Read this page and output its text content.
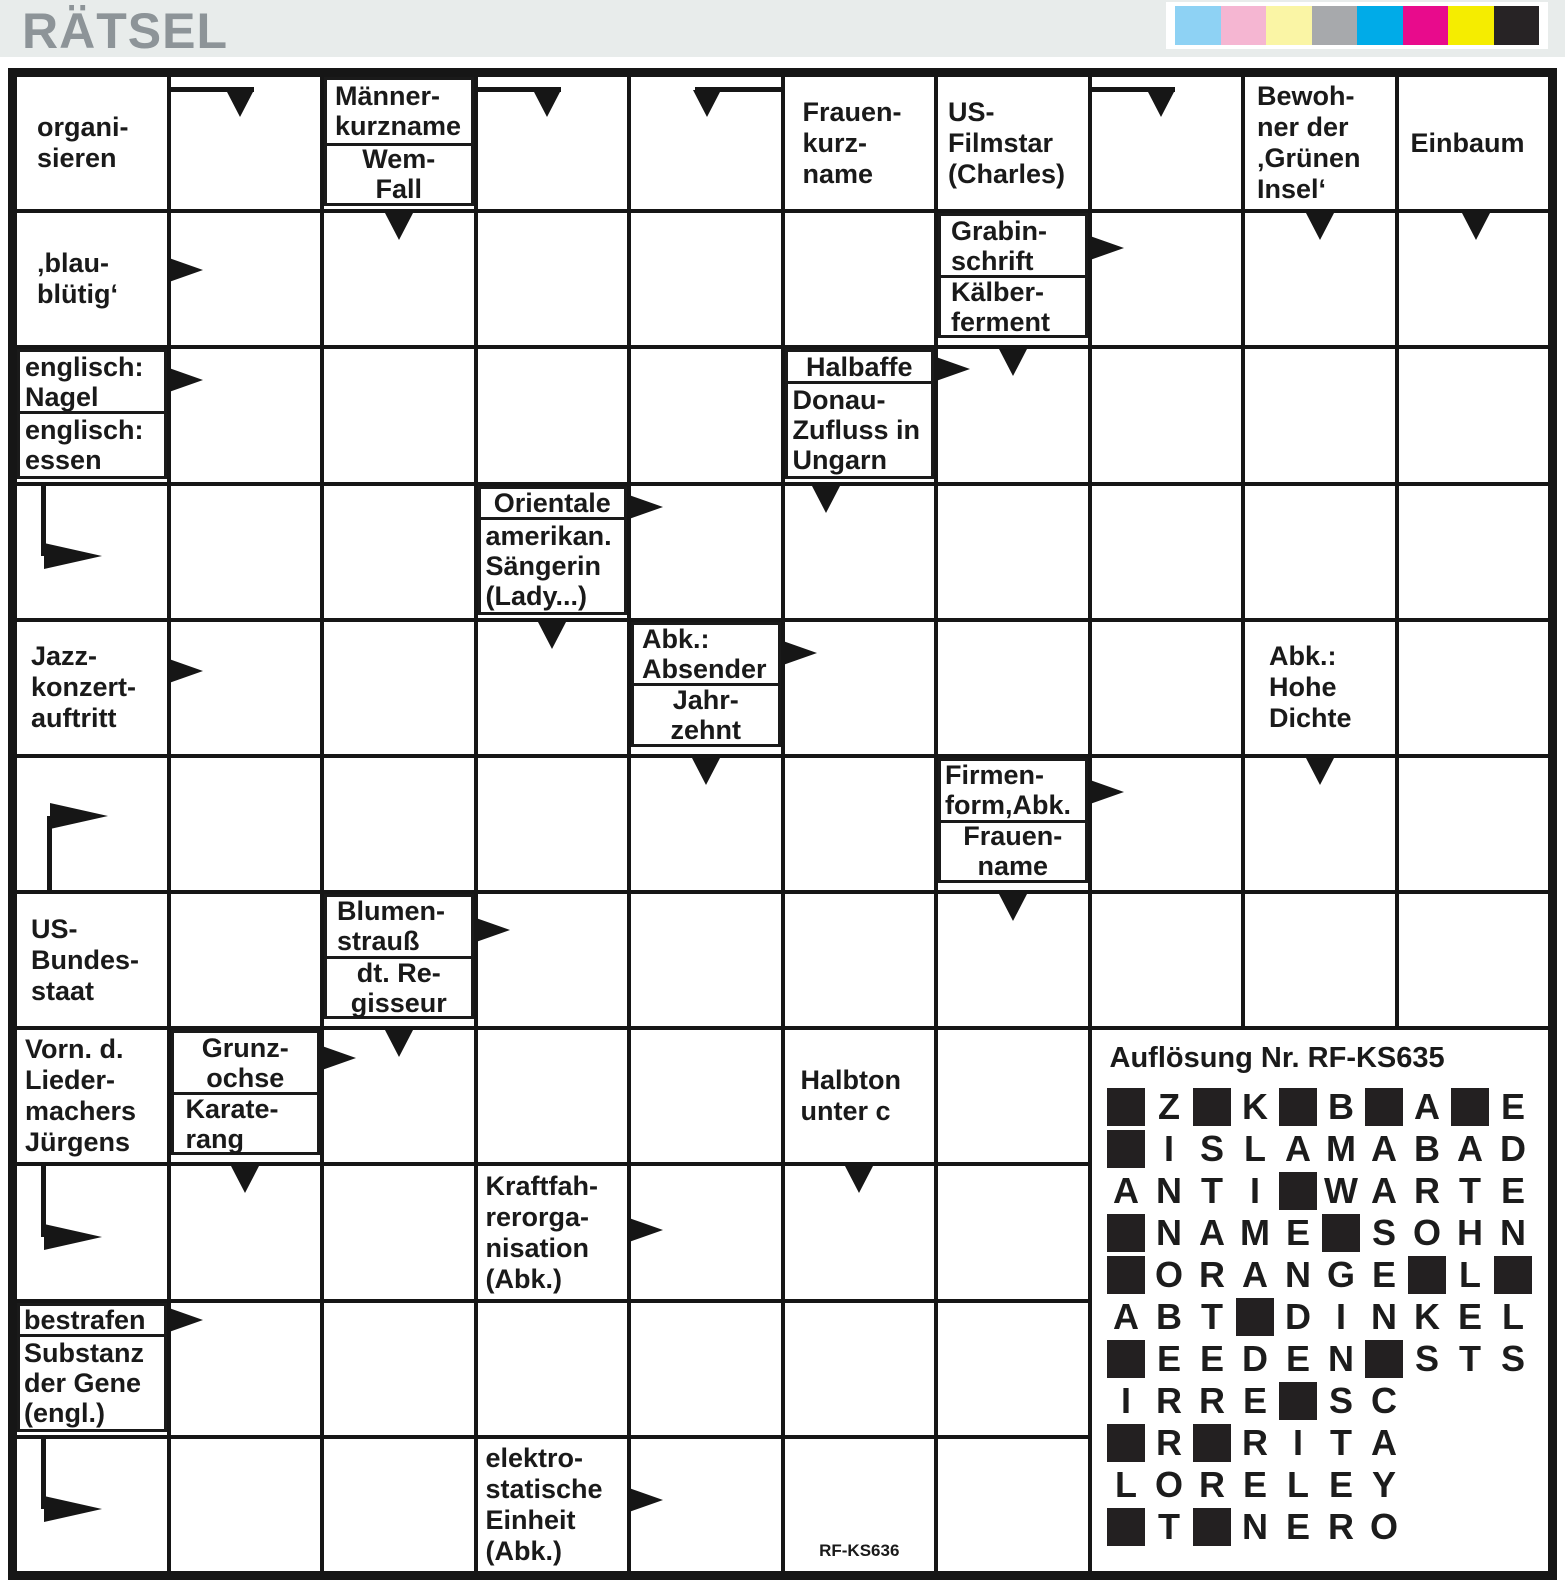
RÄTSEL
organi-
sieren
Männer-
kurzname
Wem-
Fall
Frauen-
kurz-
name
US-
Filmstar
(Charles)
Bewoh-
ner der
‚Grünen
Insel‘
Einbaum
‚blau-
blütig‘
Grabin-
schrift
Kälber-
ferment
englisch:
Nagel
englisch:
essen
Halbaffe
Donau-
Zufluss in
Ungarn
Orientale
amerikan.
Sängerin
(Lady...)
Jazz-
konzert-
auftritt
Abk.:
Absender
Jahr-
zehnt
Abk.:
Hohe
Dichte
Firmen-
form,Abk.
Frauen-
name
US-
Bundes-
staat
Blumen-
strauß
dt. Re-
gisseur
Vorn. d.
Lieder-
machers
Jürgens
Grunz-
ochse
Karate-
rang
Halbton
unter c
Kraftfah-
rerorga-
nisation
(Abk.)
bestrafen
Substanz
der Gene
(engl.)
elektro-
statische
Einheit
(Abk.)	RF-KS636
Auflösung Nr. RF-KS635
Z K B A E
I S L A M A B A D
A N T I W A R T E
N A M E S O H N
O R A N G E L
A B T D I N K E L
E E D E N S T S
I R R E S C
R R I T A
L O R E L E Y
T N E R O
